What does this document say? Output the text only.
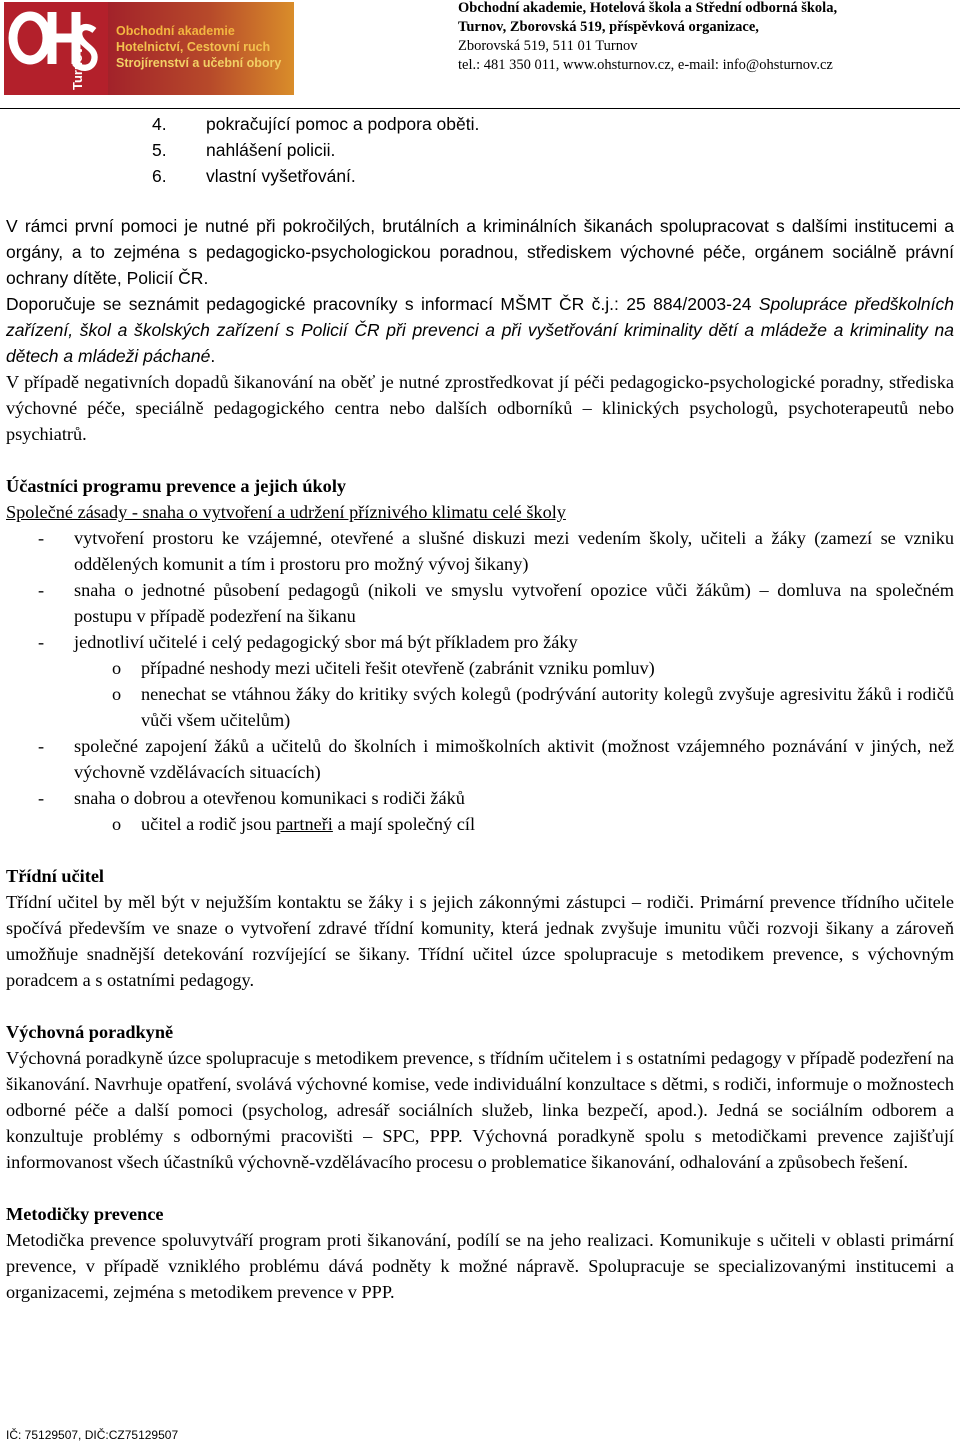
Turnov
Obchodní akademie
Hotelnictví, Cestovní ruch
Strojírenství a učební obory
Obchodní akademie, Hotelová škola a Střední odborná škola,
Turnov, Zborovská 519, příspěvková organizace,
Zborovská 519, 511 01 Turnov
tel.: 481 350 011, www.ohsturnov.cz, e-mail: info@ohsturnov.cz
4.	pokračující pomoc a podpora oběti.
5.	nahlášení policii.
6.	vlastní vyšetřování.

V rámci první pomoci je nutné při pokročilých, brutálních a kriminálních šikanách spolupracovat s dalšími institucemi a orgány, a to zejména s pedagogicko-psychologickou poradnou, střediskem výchovné péče, orgánem sociálně právní ochrany dítěte, Policií ČR.

Doporučuje se seznámit pedagogické pracovníky s informací MŠMT ČR č.j.: 25 884/2003-24 Spolupráce předškolních zařízení, škol a školských zařízení s Policií ČR při prevenci a při vyšetřování kriminality dětí a mládeže a kriminality na dětech a mládeži páchané.

V případě negativních dopadů šikanování na oběť je nutné zprostředkovat jí péči pedagogicko-psychologické poradny, střediska výchovné péče, speciálně pedagogického centra nebo dalších odborníků – klinických psychologů, psychoterapeutů nebo psychiatrů.

Účastníci programu prevence a jejich úkoly
Společné zásady - snaha o vytvoření a udržení příznivého klimatu celé školy
-	vytvoření prostoru ke vzájemné, otevřené a slušné diskuzi mezi vedením školy, učiteli a žáky (zamezí se vzniku oddělených komunit a tím i prostoru pro možný vývoj šikany)
-	snaha o jednotné působení pedagogů (nikoli ve smyslu vytvoření opozice vůči žákům) – domluva na společném postupu v případě podezření na šikanu
-	jednotliví učitelé i celý pedagogický sbor má být příkladem pro žáky
o	případné neshody mezi učiteli řešit otevřeně (zabránit vzniku pomluv)
o	nenechat se vtáhnou žáky do kritiky svých kolegů (podrývání autority kolegů zvyšuje agresivitu žáků i rodičů vůči všem učitelům)
-	společné zapojení žáků a učitelů do školních i mimoškolních aktivit (možnost vzájemného poznávání v jiných, než výchovně vzdělávacích situacích)
-	snaha o dobrou a otevřenou komunikaci s rodiči žáků
o	učitel a rodič jsou partneři a mají společný cíl
Třídní učitel

Třídní učitel by měl být v nejužším kontaktu se žáky i s jejich zákonnými zástupci – rodiči. Primární prevence třídního učitele spočívá především ve snaze o vytvoření zdravé třídní komunity, která jednak zvyšuje imunitu vůči rozvoji šikany a zároveň umožňuje snadnější detekování rozvíjející se šikany. Třídní učitel úzce spolupracuje s metodikem prevence, s výchovným poradcem a s ostatními pedagogy.

Výchovná poradkyně

Výchovná poradkyně úzce spolupracuje s metodikem prevence, s třídním učitelem i s ostatními pedagogy v případě podezření na šikanování. Navrhuje opatření, svolává výchovné komise, vede individuální konzultace s dětmi, s rodiči, informuje o možnostech odborné péče a další pomoci (psycholog, adresář sociálních služeb, linka bezpečí, apod.). Jedná se sociálním odborem a konzultuje problémy s odbornými pracovišti – SPC, PPP. Výchovná poradkyně spolu s metodičkami prevence zajišťují informovanost všech účastníků výchovně-vzdělávacího procesu o problematice šikanování, odhalování a způsobech řešení.

Metodičky prevence

Metodička prevence spoluvytváří program proti šikanování, podílí se na jeho realizaci. Komunikuje s učiteli v oblasti primární prevence, v případě vzniklého problému dává podněty k možné nápravě. Spolupracuje se specializovanými institucemi a organizacemi, zejména s metodikem prevence v PPP.

IČ: 75129507, DIČ:CZ75129507
